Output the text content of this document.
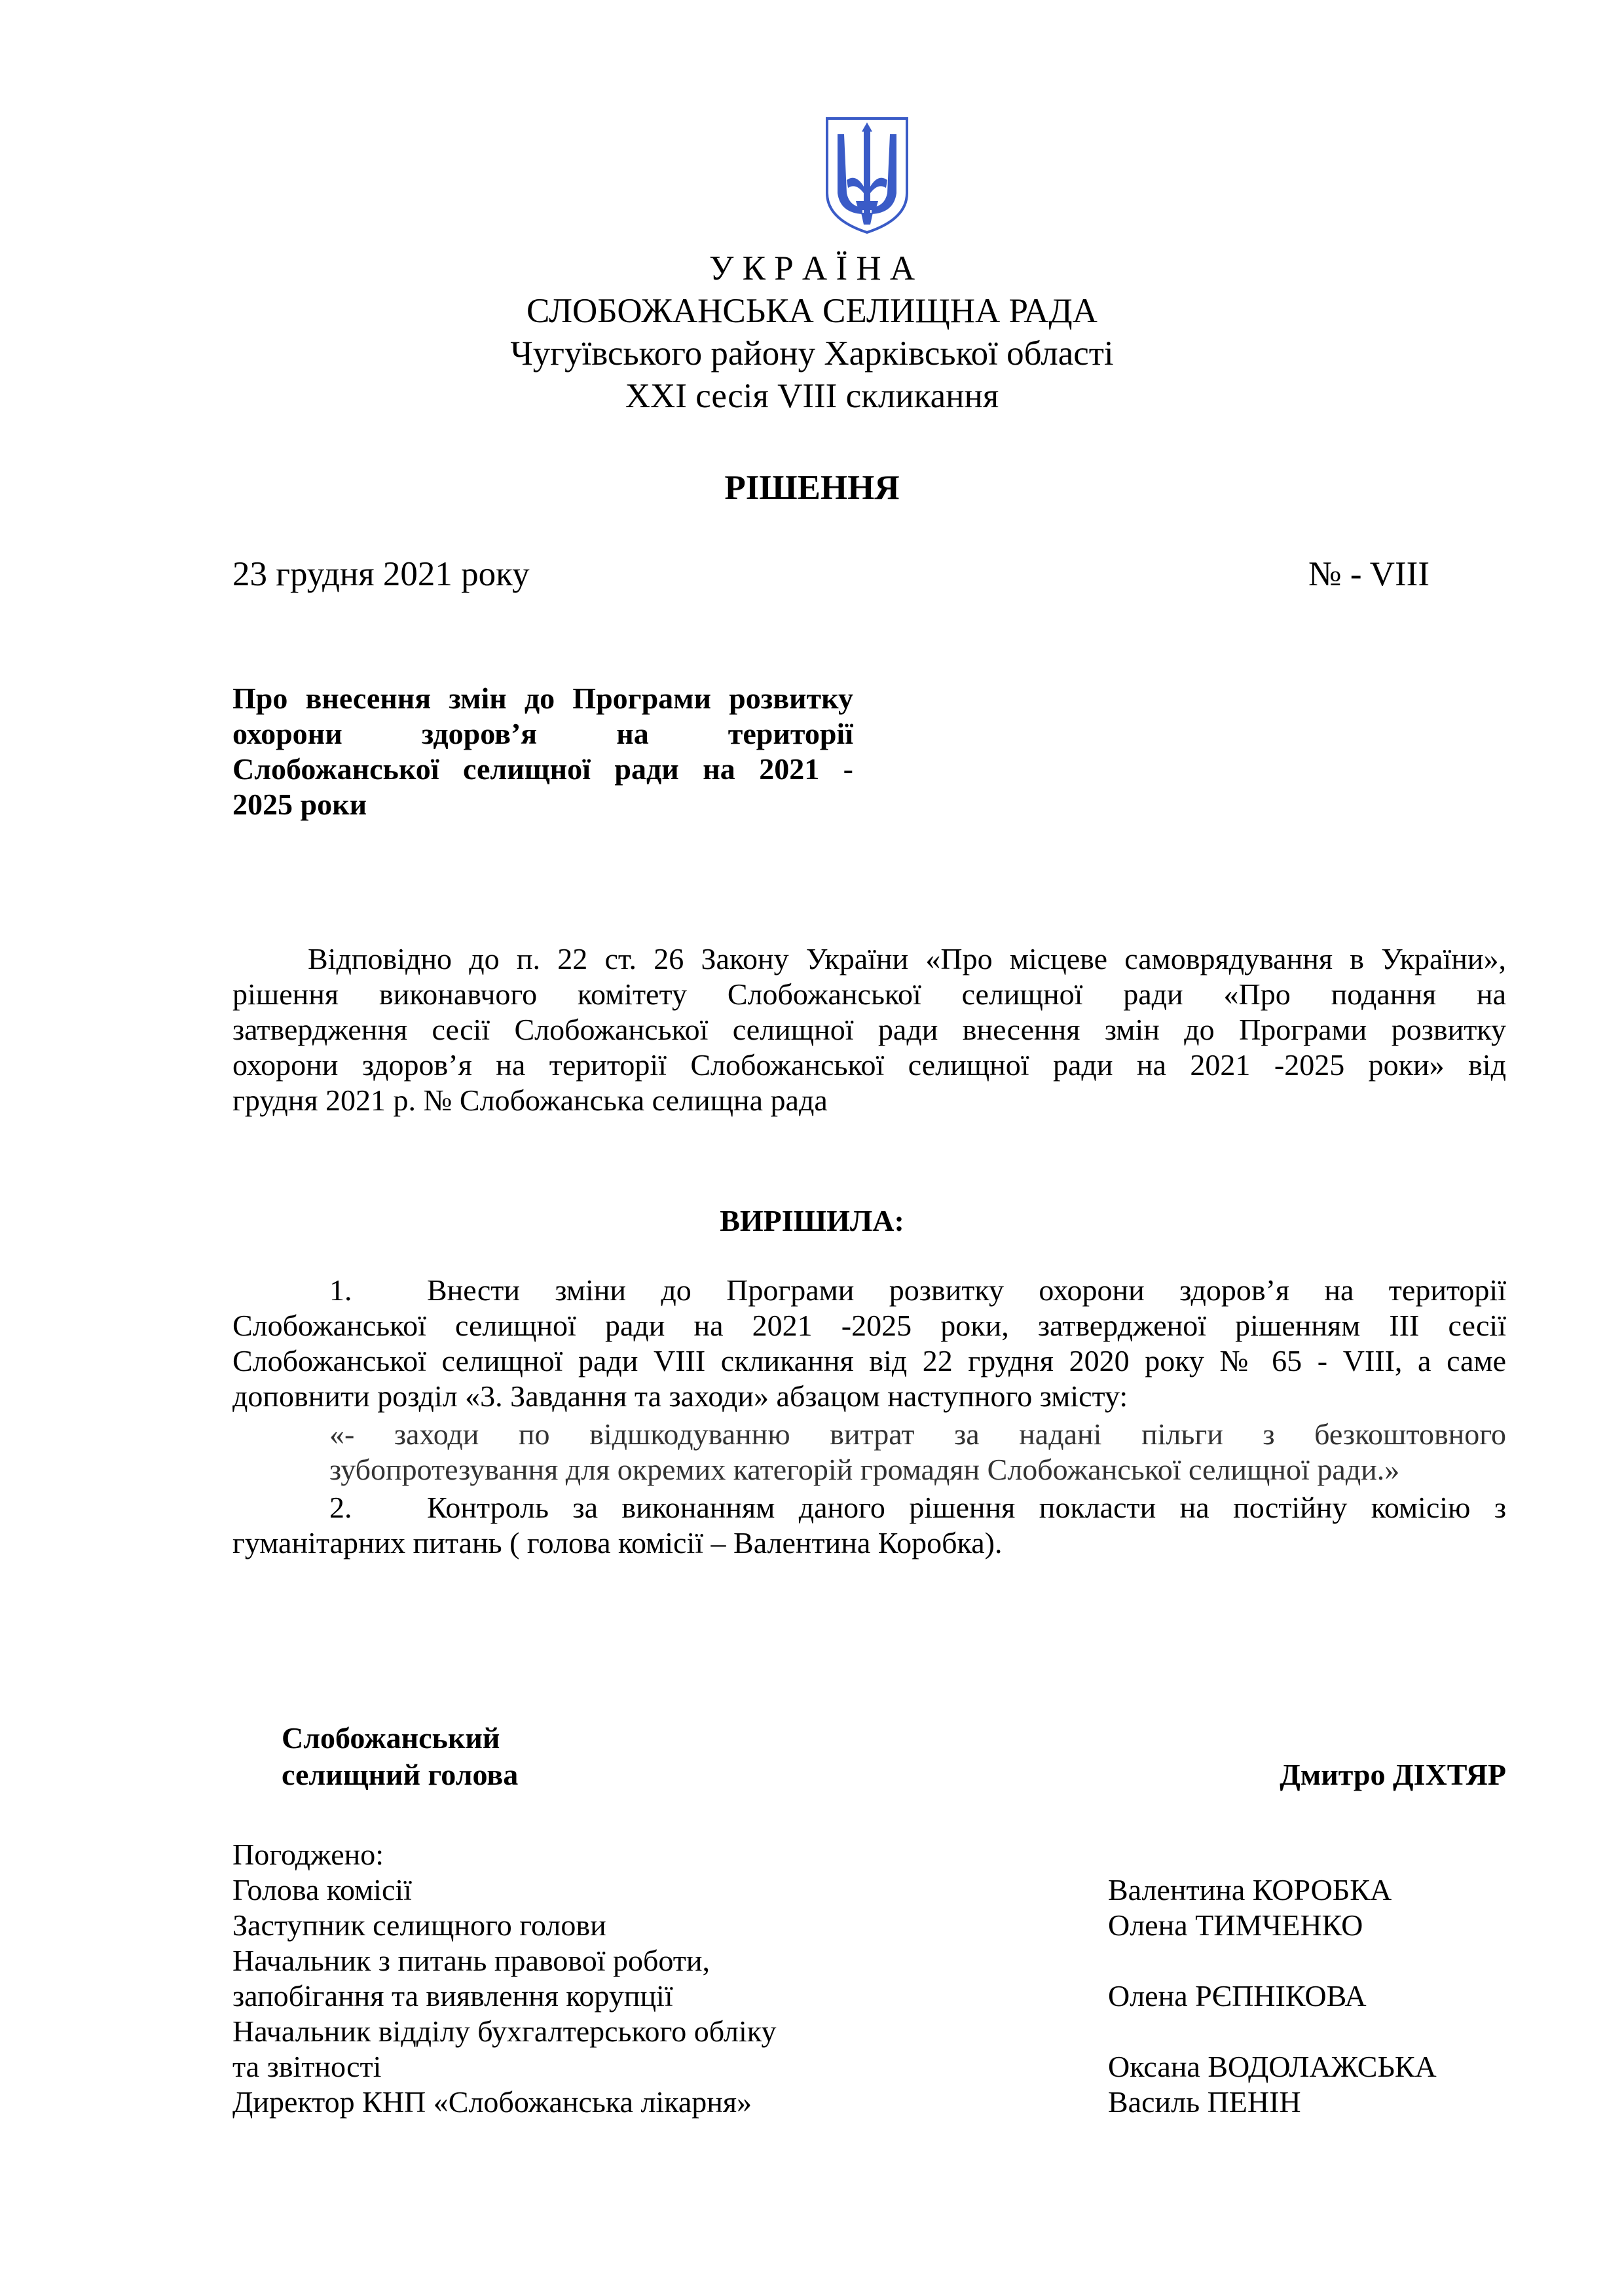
У К Р А Ї Н А
СЛОБОЖАНСЬКА СЕЛИЩНА РАДА
Чугуївського району Харківської області
XXI сесія VIII скликання
РІШЕННЯ
23 грудня 2021 року	№ - VIII
Про внесення змін до Програми розвитку
охорони здоров’я на території
Слобожанської селищної ради на 2021 -
2025 роки
Відповідно до п. 22 ст. 26 Закону України «Про місцеве самоврядування в України»,
рішення виконавчого комітету Слобожанської селищної ради «Про подання на
затвердження сесії Слобожанської селищної ради внесення змін до Програми розвитку
охорони здоров’я на території Слобожанської селищної ради на 2021 -2025 роки» від
грудня 2021 р. № Слобожанська селищна рада
ВИРІШИЛА:
1. Внести зміни до Програми розвитку охорони здоров’я на території
Слобожанської селищної ради на 2021 -2025 роки, затвердженої рішенням III сесії
Слобожанської селищної ради VIII скликання від 22 грудня 2020 року № 65 - VIII, а саме
доповнити розділ «3. Завдання та заходи» абзацом наступного змісту:
«- заходи по відшкодуванню витрат за надані пільги з безкоштовного
зубопротезування для окремих категорій громадян Слобожанської селищної ради.»
2. Контроль за виконанням даного рішення покласти на постійну комісію з
гуманітарних питань ( голова комісії – Валентина Коробка).
Слобожанський
селищний голова	Дмитро ДІХТЯР
Погоджено:
Голова комісії	Валентина КОРОБКА
Заступник селищного голови	Олена ТИМЧЕНКО
Начальник з питань правової роботи,
запобігання та виявлення корупції	Олена РЄПНІКОВА
Начальник відділу бухгалтерського обліку
та звітності	Оксана ВОДОЛАЖСЬКА
Директор КНП «Слобожанська лікарня»	Василь ПЕНІН
